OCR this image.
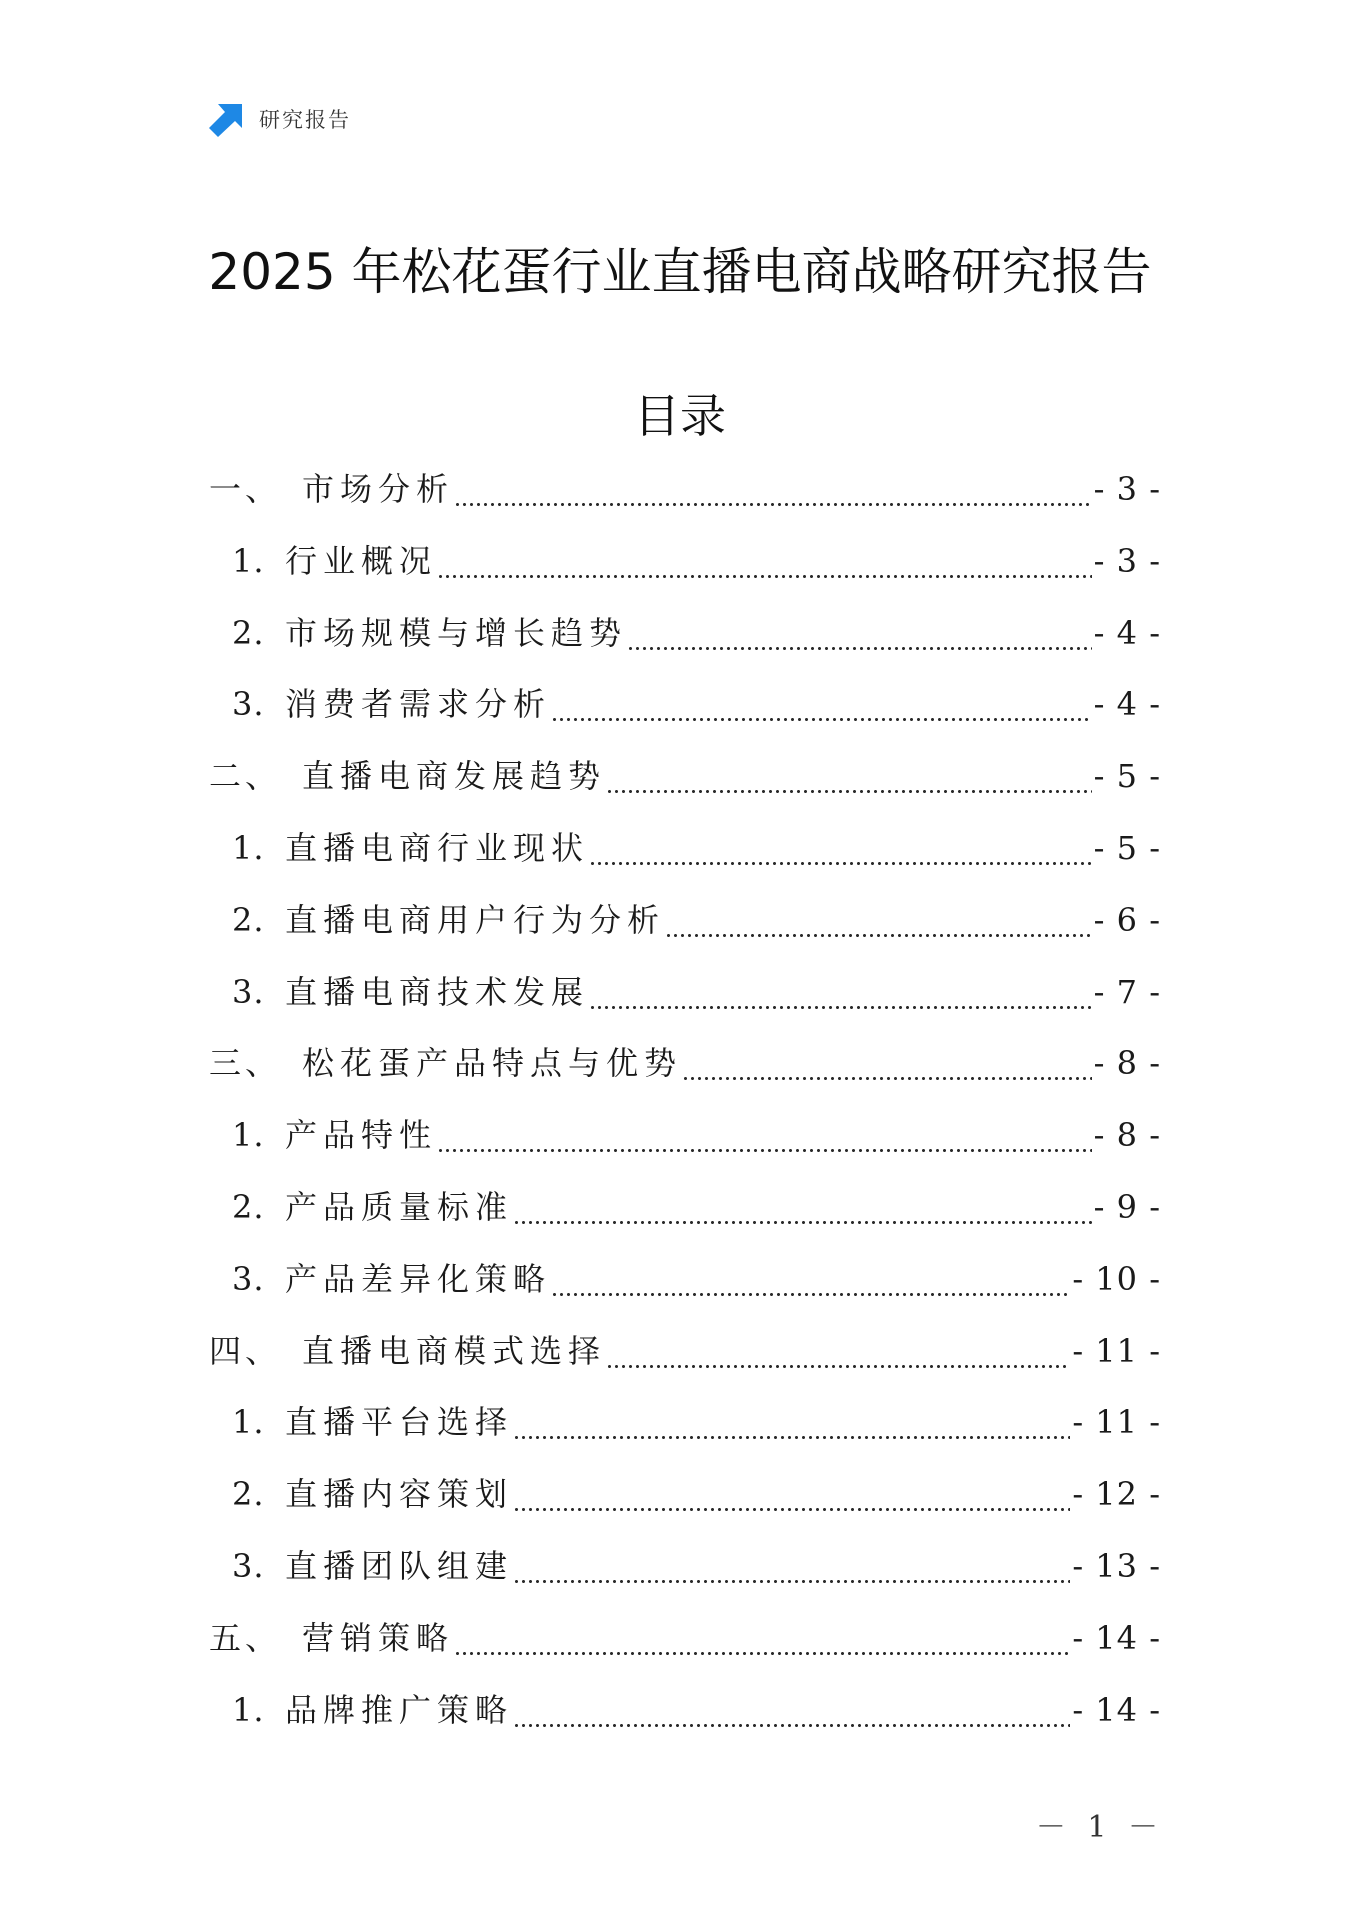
研究报告
2025 年松花蛋行业直播电商战略研究报告
目录
一、 市场分析	- 3 -
1. 行业概况	- 3 -
2. 市场规模与增长趋势	- 4 -
3. 消费者需求分析	- 4 -
二、 直播电商发展趋势	- 5 -
1. 直播电商行业现状	- 5 -
2. 直播电商用户行为分析	- 6 -
3. 直播电商技术发展	- 7 -
三、 松花蛋产品特点与优势	- 8 -
1. 产品特性	- 8 -
2. 产品质量标准	- 9 -
3. 产品差异化策略	- 10 -
四、 直播电商模式选择	- 11 -
1. 直播平台选择	- 11 -
2. 直播内容策划	- 12 -
3. 直播团队组建	- 13 -
五、 营销策略	- 14 -
1. 品牌推广策略	- 14 -
－ 1 －
